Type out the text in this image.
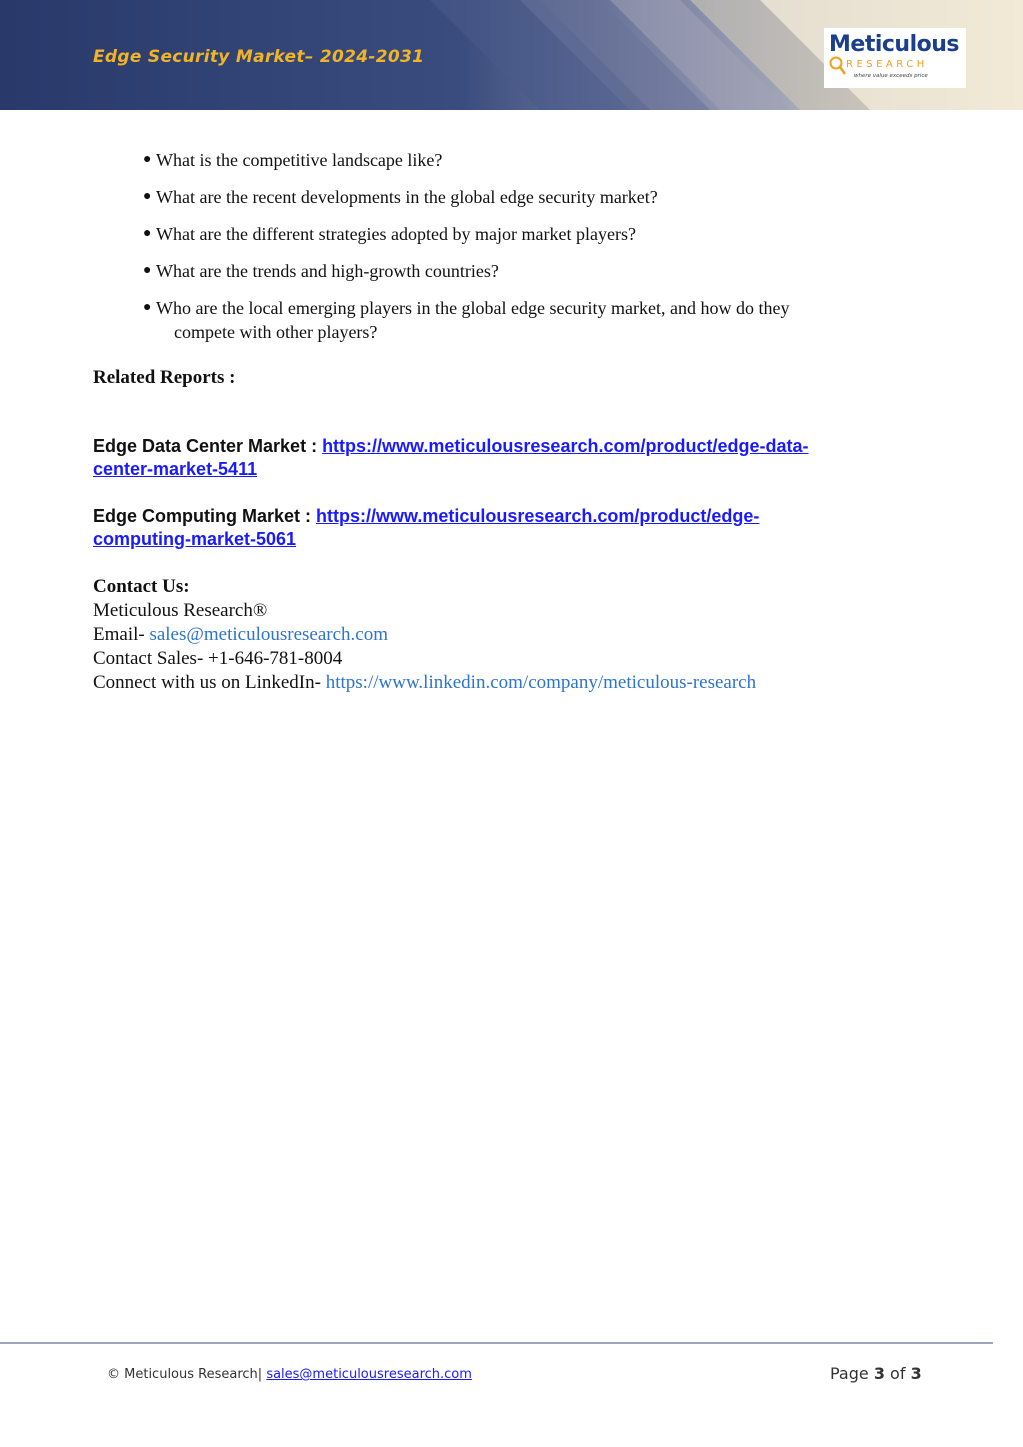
Edge Security Market– 2024-2031	Meticulous
RESEARCH
where value exceeds price
● What is the competitive landscape like?
● What are the recent developments in the global edge security market?
● What are the different strategies adopted by major market players?
● What are the trends and high-growth countries?
● Who are the local emerging players in the global edge security market, and how do they
compete with other players?
Related Reports :
Edge Data Center Market : https://www.meticulousresearch.com/product/edge-data-
center-market-5411
Edge Computing Market : https://www.meticulousresearch.com/product/edge-
computing-market-5061
Contact Us:
Meticulous Research®
Email- sales@meticulousresearch.com
Contact Sales- +1-646-781-8004
Connect with us on LinkedIn- https://www.linkedin.com/company/meticulous-research
© Meticulous Research| sales@meticulousresearch.com	Page 3 of 3
